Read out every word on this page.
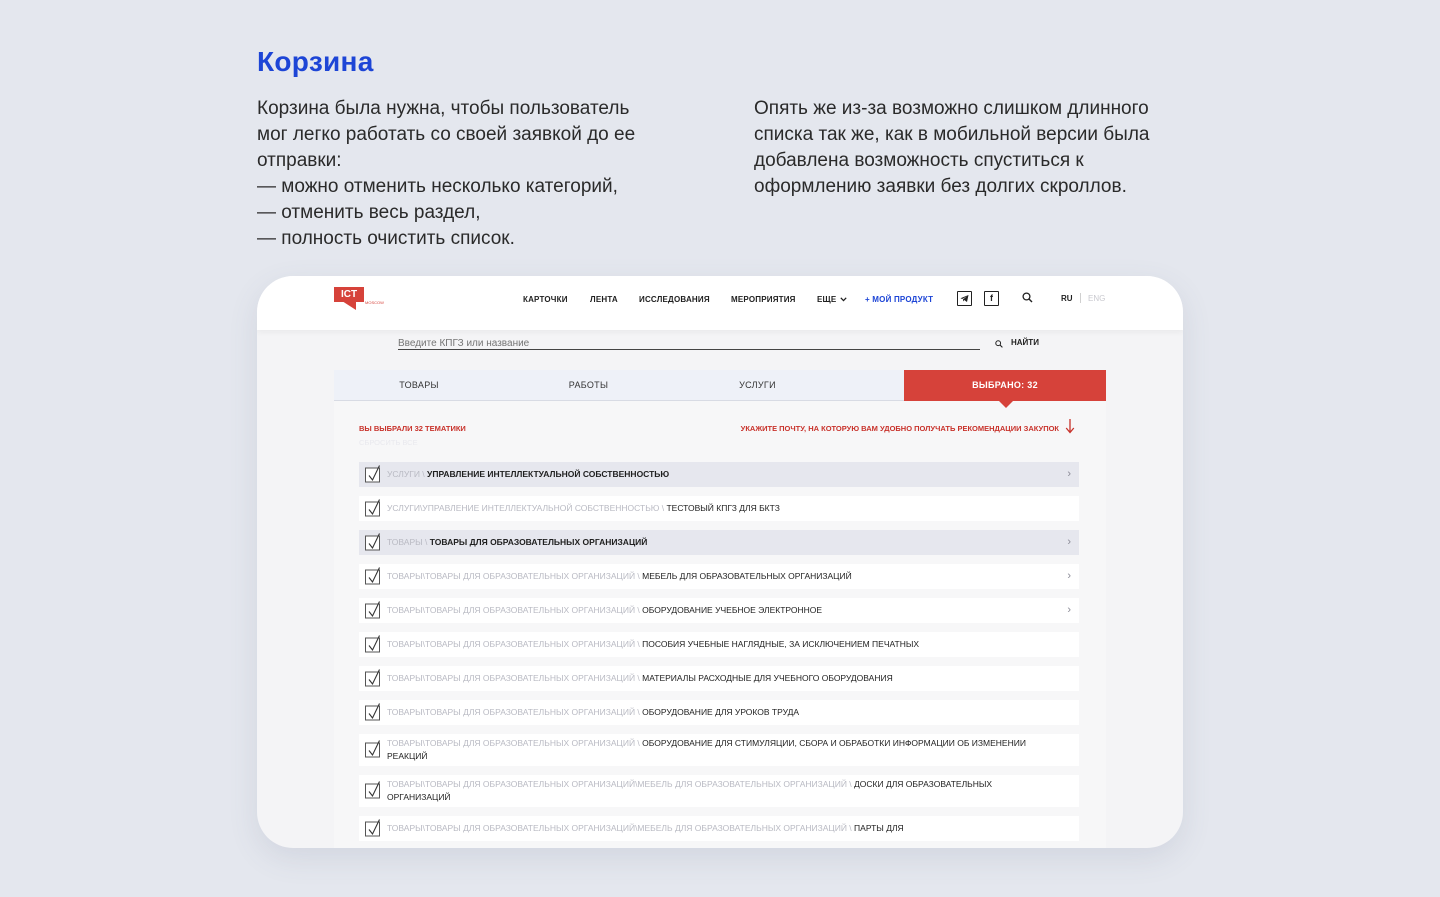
Корзина
Корзина была нужна, чтобы пользователь
мог легко работать со своей заявкой до ее
отправки:
— можно отменить несколько категорий,
— отменить весь раздел,
— полность очистить список.
Опять же из-за возможно слишком длинного
списка так же, как в мобильной версии была
добавлена возможность спуститься к
оформлению заявки без долгих скроллов.
ICT
MOSCOW	КАРТОЧКИ	ЛЕНТА	ИССЛЕДОВАНИЯ	МЕРОПРИЯТИЯ	ЕЩЕ	+ МОЙ ПРОДУКТ	f	RU ENG
Введите КПГЗ или название
НАЙТИ
ТОВАРЫ	РАБОТЫ	УСЛУГИ	ВЫБРАНО: 32
ВЫ ВЫБРАЛИ 32 ТЕМАТИКИ
СБРОСИТЬ ВСЕ
УКАЖИТЕ ПОЧТУ, НА КОТОРУЮ ВАМ УДОБНО ПОЛУЧАТЬ РЕКОМЕНДАЦИИ ЗАКУПОК
УСЛУГИ \ УПРАВЛЕНИЕ ИНТЕЛЛЕКТУАЛЬНОЙ СОБСТВЕННОСТЬЮ	›
УСЛУГИ\УПРАВЛЕНИЕ ИНТЕЛЛЕКТУАЛЬНОЙ СОБСТВЕННОСТЬЮ \ ТЕСТОВЫЙ КПГЗ ДЛЯ БКТЗ
ТОВАРЫ \ ТОВАРЫ ДЛЯ ОБРАЗОВАТЕЛЬНЫХ ОРГАНИЗАЦИЙ	›
ТОВАРЫ\ТОВАРЫ ДЛЯ ОБРАЗОВАТЕЛЬНЫХ ОРГАНИЗАЦИЙ \ МЕБЕЛЬ ДЛЯ ОБРАЗОВАТЕЛЬНЫХ ОРГАНИЗАЦИЙ	›
ТОВАРЫ\ТОВАРЫ ДЛЯ ОБРАЗОВАТЕЛЬНЫХ ОРГАНИЗАЦИЙ \ ОБОРУДОВАНИЕ УЧЕБНОЕ ЭЛЕКТРОННОЕ	›
ТОВАРЫ\ТОВАРЫ ДЛЯ ОБРАЗОВАТЕЛЬНЫХ ОРГАНИЗАЦИЙ \ ПОСОБИЯ УЧЕБНЫЕ НАГЛЯДНЫЕ, ЗА ИСКЛЮЧЕНИЕМ ПЕЧАТНЫХ
ТОВАРЫ\ТОВАРЫ ДЛЯ ОБРАЗОВАТЕЛЬНЫХ ОРГАНИЗАЦИЙ \ МАТЕРИАЛЫ РАСХОДНЫЕ ДЛЯ УЧЕБНОГО ОБОРУДОВАНИЯ
ТОВАРЫ\ТОВАРЫ ДЛЯ ОБРАЗОВАТЕЛЬНЫХ ОРГАНИЗАЦИЙ \ ОБОРУДОВАНИЕ ДЛЯ УРОКОВ ТРУДА
ТОВАРЫ\ТОВАРЫ ДЛЯ ОБРАЗОВАТЕЛЬНЫХ ОРГАНИЗАЦИЙ \ ОБОРУДОВАНИЕ ДЛЯ СТИМУЛЯЦИИ, СБОРА И ОБРАБОТКИ ИНФОРМАЦИИ ОБ ИЗМЕНЕНИИ РЕАКЦИЙ
ТОВАРЫ\ТОВАРЫ ДЛЯ ОБРАЗОВАТЕЛЬНЫХ ОРГАНИЗАЦИЙ\МЕБЕЛЬ ДЛЯ ОБРАЗОВАТЕЛЬНЫХ ОРГАНИЗАЦИЙ \ ДОСКИ ДЛЯ ОБРАЗОВАТЕЛЬНЫХ ОРГАНИЗАЦИЙ
ТОВАРЫ\ТОВАРЫ ДЛЯ ОБРАЗОВАТЕЛЬНЫХ ОРГАНИЗАЦИЙ\МЕБЕЛЬ ДЛЯ ОБРАЗОВАТЕЛЬНЫХ ОРГАНИЗАЦИЙ \ ПАРТЫ ДЛЯ
